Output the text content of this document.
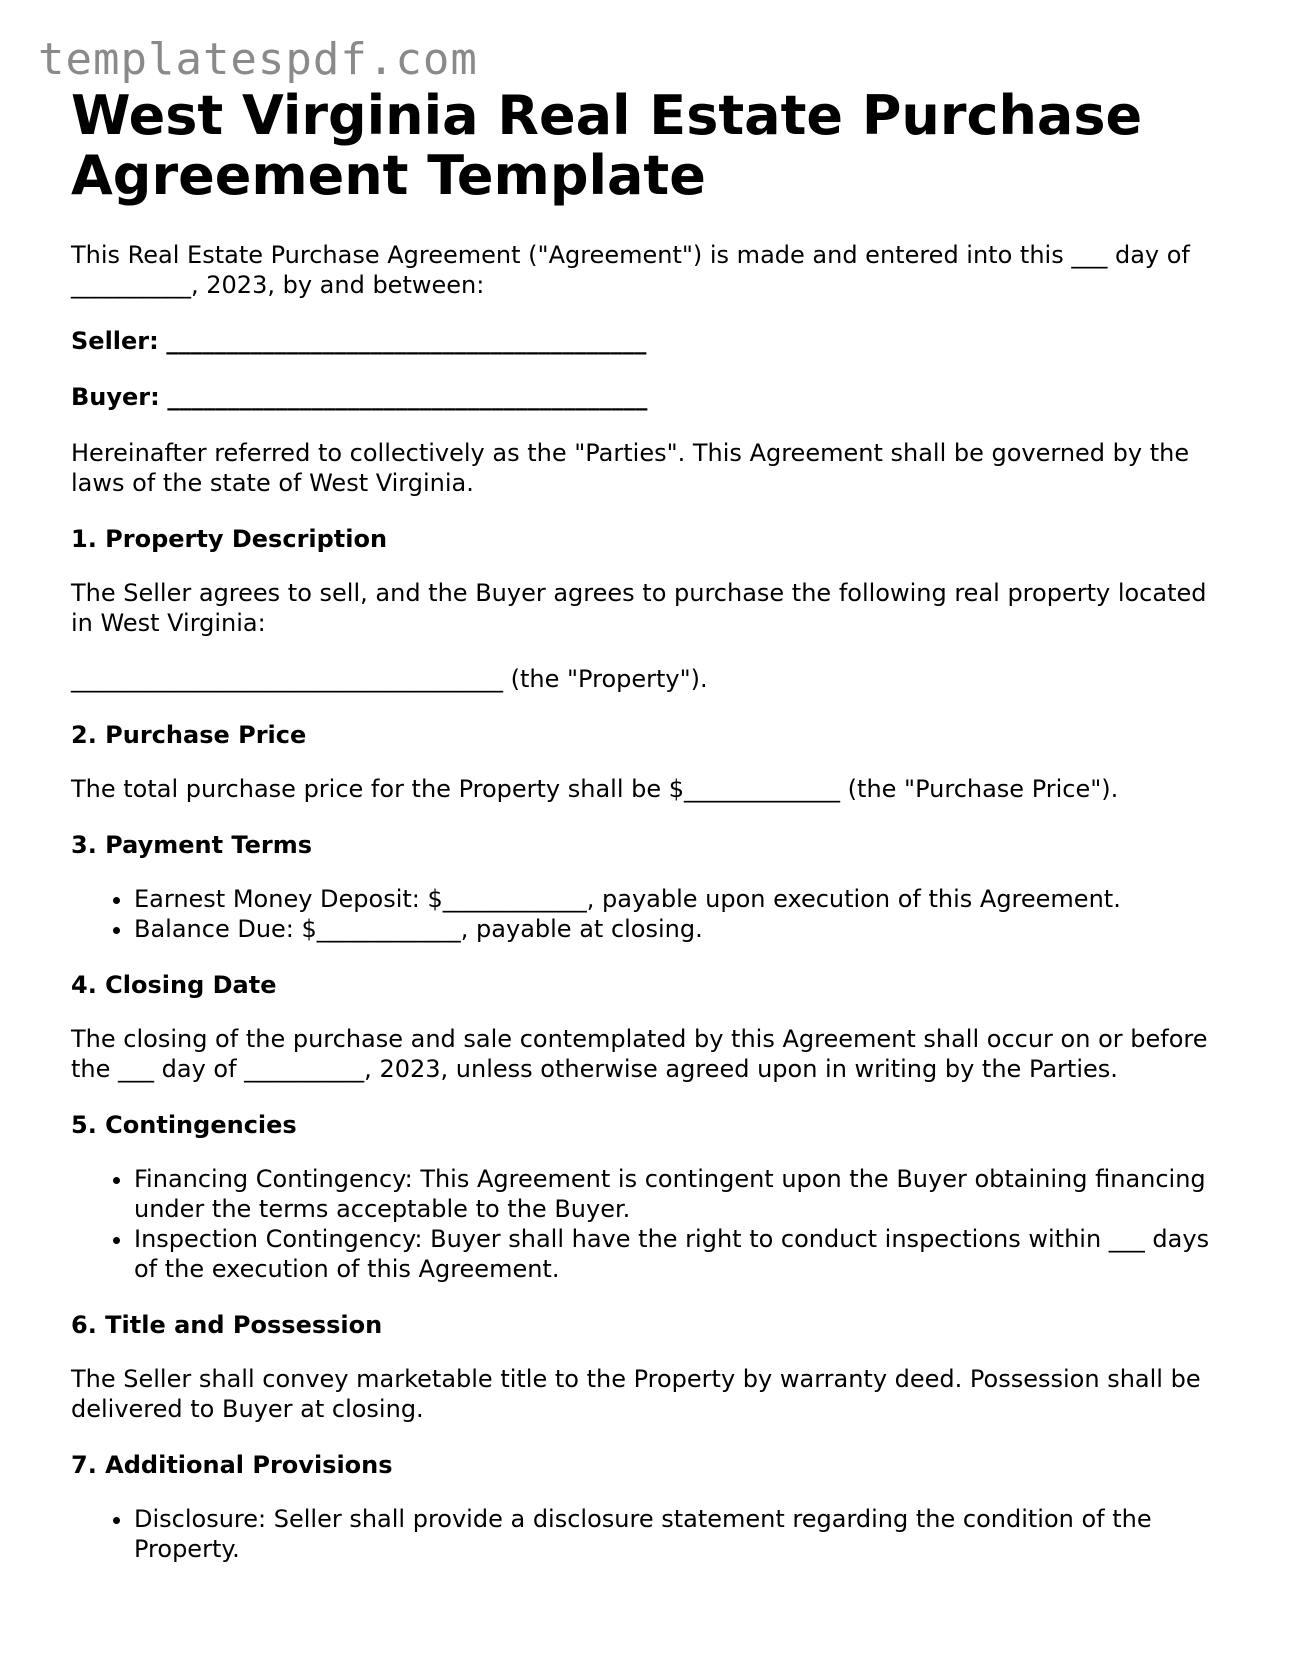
templatespdf.com
West Virginia Real Estate Purchase Agreement Template

This Real Estate Purchase Agreement ("Agreement") is made and entered into this ___ day of __________, 2023, by and between:

Seller: ________________________________________

Buyer: ________________________________________

Hereinafter referred to collectively as the "Parties". This Agreement shall be governed by the laws of the state of West Virginia.

1. Property Description

The Seller agrees to sell, and the Buyer agrees to purchase the following real property located in West Virginia:

____________________________________ (the "Property").

2. Purchase Price

The total purchase price for the Property shall be $_____________ (the "Purchase Price").

3. Payment Terms
• Earnest Money Deposit: $____________, payable upon execution of this Agreement.
• Balance Due: $____________, payable at closing.
4. Closing Date

The closing of the purchase and sale contemplated by this Agreement shall occur on or before the ___ day of __________, 2023, unless otherwise agreed upon in writing by the Parties.

5. Contingencies
• Financing Contingency: This Agreement is contingent upon the Buyer obtaining financing under the terms acceptable to the Buyer.
• Inspection Contingency: Buyer shall have the right to conduct inspections within ___ days of the execution of this Agreement.
6. Title and Possession

The Seller shall convey marketable title to the Property by warranty deed. Possession shall be delivered to Buyer at closing.

7. Additional Provisions
• Disclosure: Seller shall provide a disclosure statement regarding the condition of the Property.
